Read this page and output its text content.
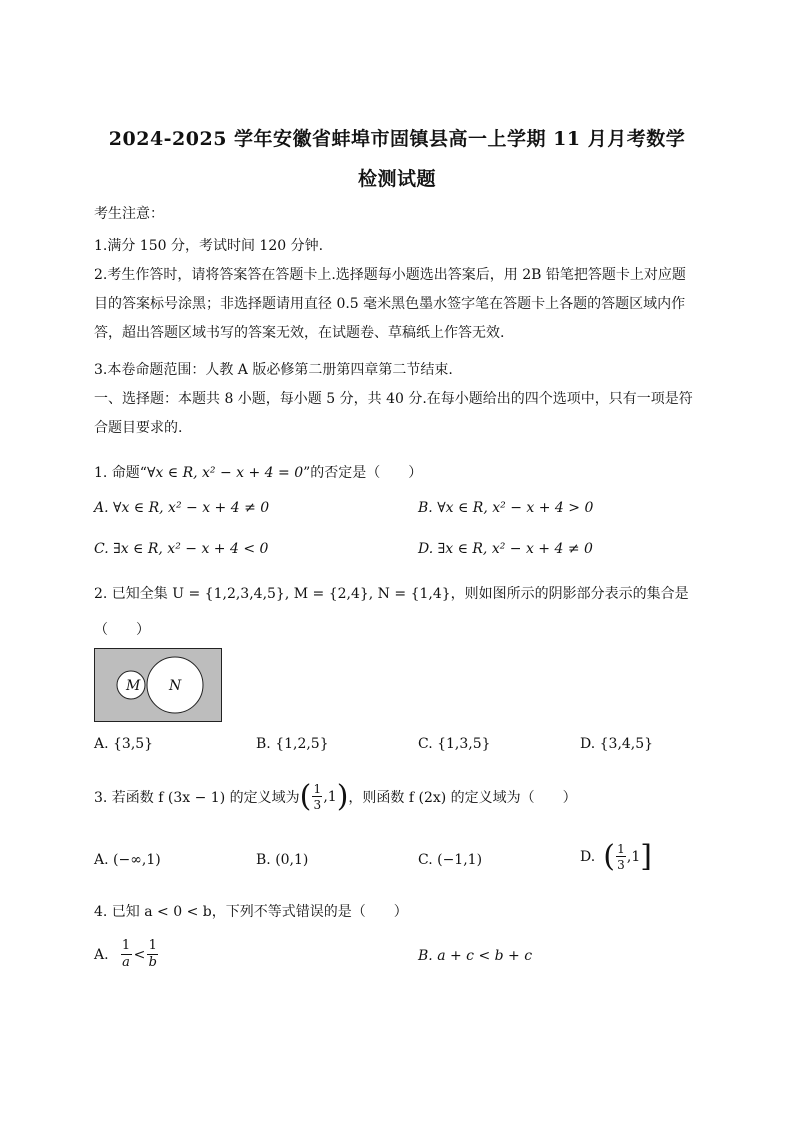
2024-2025 学年安徽省蚌埠市固镇县高一上学期 11 月月考数学
检测试题
考生注意：
1.满分 150 分，考试时间 120 分钟.
2.考生作答时，请将答案答在答题卡上.选择题每小题选出答案后，用 2B 铅笔把答题卡上对应题目的答案标号涂黑；非选择题请用直径 0.5 毫米黑色墨水签字笔在答题卡上各题的答题区域内作答，超出答题区域书写的答案无效，在试题卷、草稿纸上作答无效.
3.本卷命题范围：人教 A 版必修第二册第四章第二节结束.
一、选择题：本题共 8 小题，每小题 5 分，共 40 分.在每小题给出的四个选项中，只有一项是符合题目要求的.
1. 命题“∀x ∈ R, x² − x + 4 = 0”的否定是（　　）
A. ∀x ∈ R, x² − x + 4 ≠ 0	B. ∀x ∈ R, x² − x + 4 > 0
C. ∃x ∈ R, x² − x + 4 < 0	D. ∃x ∈ R, x² − x + 4 ≠ 0
2. 已知全集 U = {1,2,3,4,5}, M = {2,4}, N = {1,4}，则如图所示的阴影部分表示的集合是
（　　）
M N
A. {3,5}	B. {1,2,5}	C. {1,3,5}	D. {3,4,5}
3. 若函数 f (3x − 1) 的定义域为 ( $\frac{1}{3} ,1$ ) ，则函数 f (2x) 的定义域为（　　）
A. (−∞,1)	B. (0,1)	C. (−1,1)	D. ( $\frac{1}{3} ,1$ ]
4. 已知 a < 0 < b，下列不等式错误的是（　　）
A. $\frac{1}{a} < \frac{1}{b}$	B. a + c < b + c
